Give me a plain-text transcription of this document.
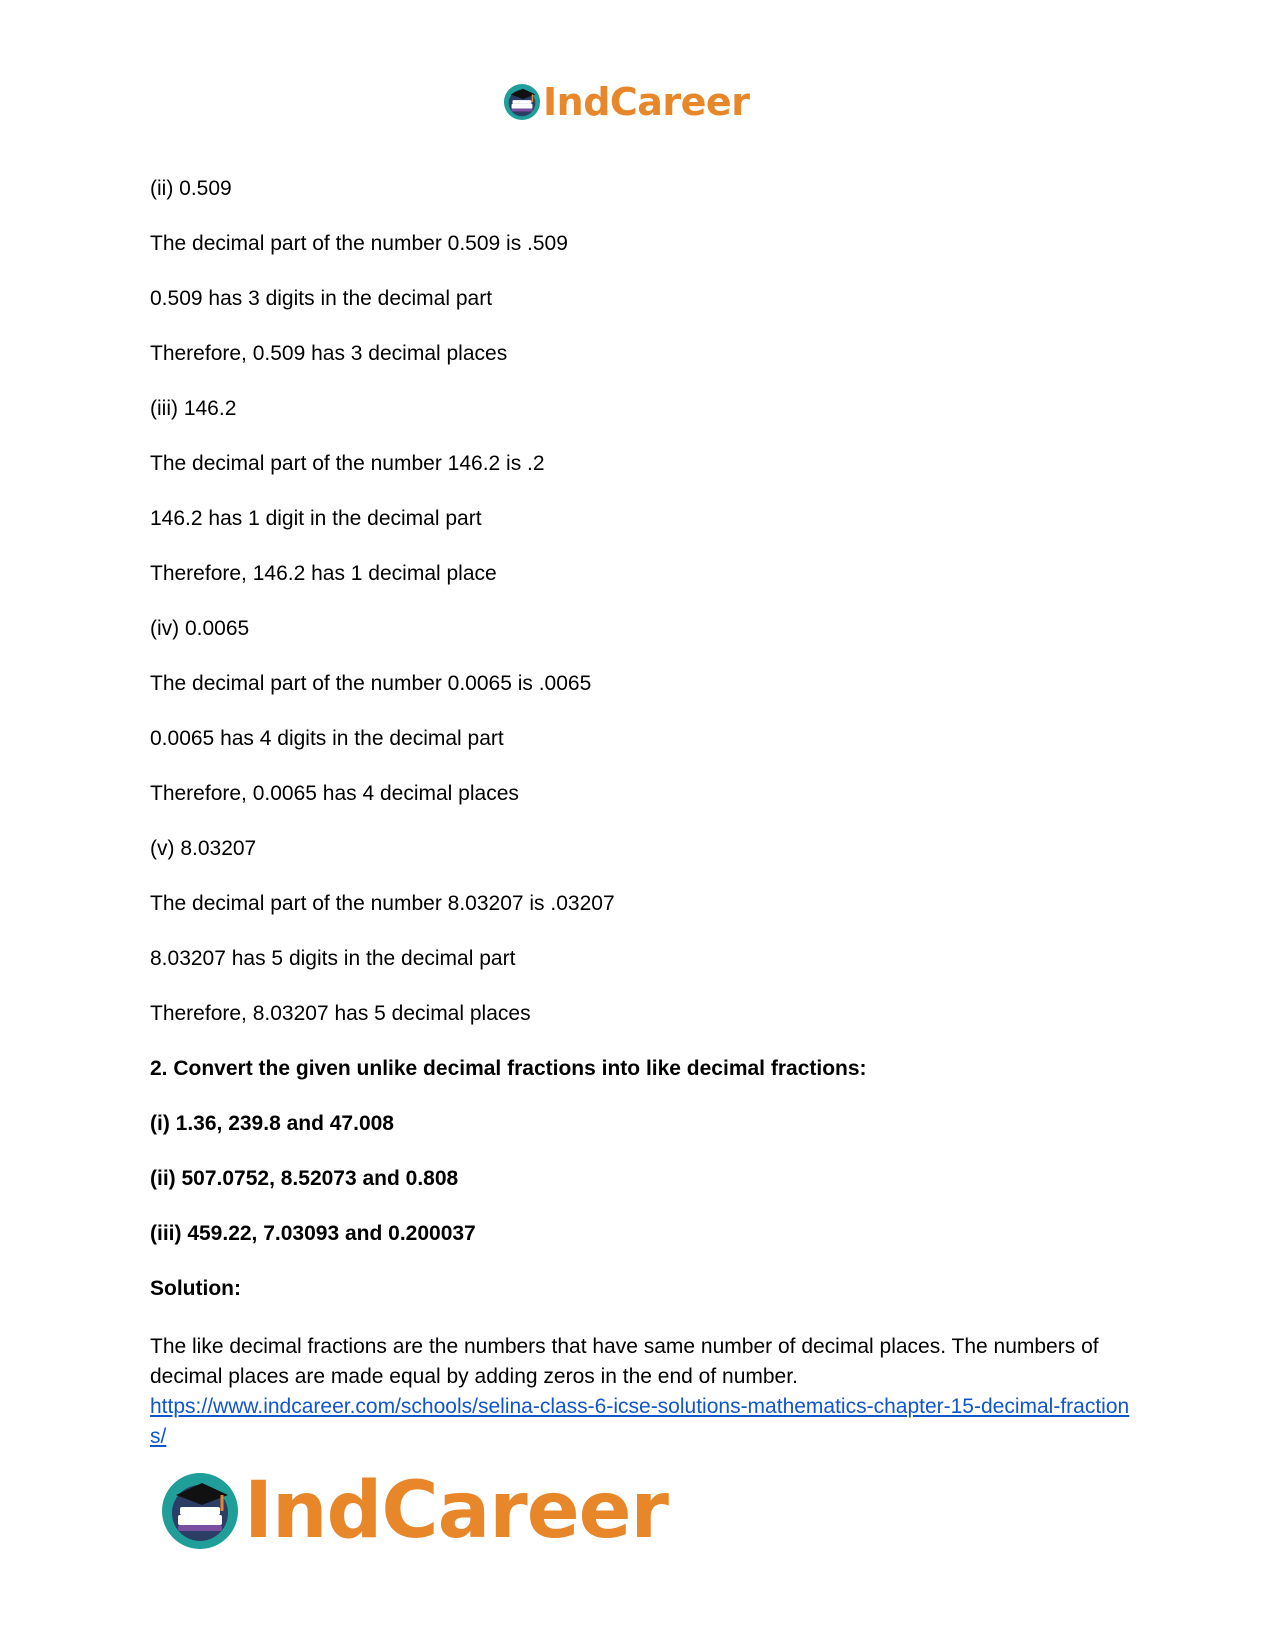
IndCareer
(ii) 0.509
The decimal part of the number 0.509 is .509
0.509 has 3 digits in the decimal part
Therefore, 0.509 has 3 decimal places
(iii) 146.2
The decimal part of the number 146.2 is .2
146.2 has 1 digit in the decimal part
Therefore, 146.2 has 1 decimal place
(iv) 0.0065
The decimal part of the number 0.0065 is .0065
0.0065 has 4 digits in the decimal part
Therefore, 0.0065 has 4 decimal places
(v) 8.03207
The decimal part of the number 8.03207 is .03207
8.03207 has 5 digits in the decimal part
Therefore, 8.03207 has 5 decimal places
2. Convert the given unlike decimal fractions into like decimal fractions:
(i) 1.36, 239.8 and 47.008
(ii) 507.0752, 8.52073 and 0.808
(iii) 459.22, 7.03093 and 0.200037
Solution:
The like decimal fractions are the numbers that have same number of decimal places. The numbers of decimal places are made equal by adding zeros in the end of number.
https://www.indcareer.com/schools/selina-class-6-icse-solutions-mathematics-chapter-15-decimal-fractions/
IndCareer
